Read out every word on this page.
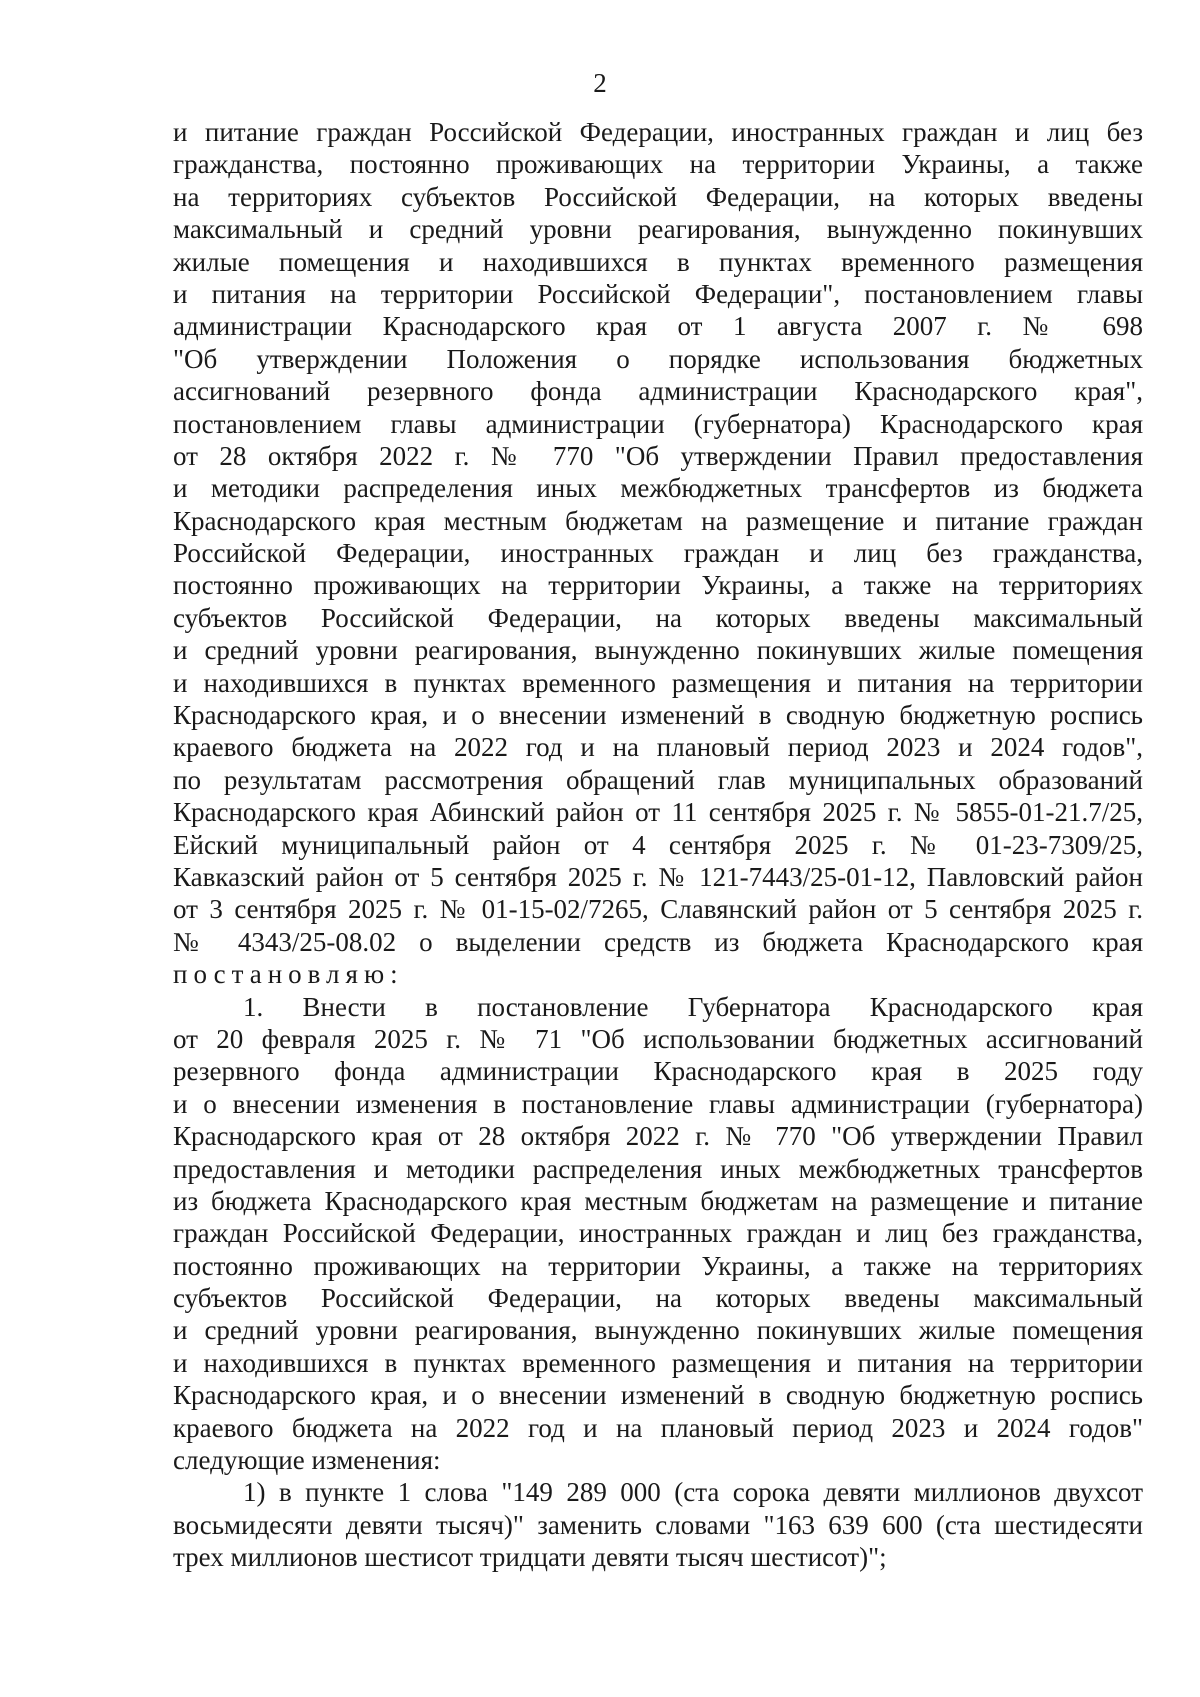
2
и питание граждан Российской Федерации, иностранных граждан и лиц без
гражданства, постоянно проживающих на территории Украины, а также
на территориях субъектов Российской Федерации, на которых введены
максимальный и средний уровни реагирования, вынужденно покинувших
жилые помещения и находившихся в пунктах временного размещения
и питания на территории Российской Федерации", постановлением главы
администрации Краснодарского края от 1 августа 2007 г. № 698
"Об утверждении Положения о порядке использования бюджетных
ассигнований резервного фонда администрации Краснодарского края",
постановлением главы администрации (губернатора) Краснодарского края
от 28 октября 2022 г. № 770 "Об утверждении Правил предоставления
и методики распределения иных межбюджетных трансфертов из бюджета
Краснодарского края местным бюджетам на размещение и питание граждан
Российской Федерации, иностранных граждан и лиц без гражданства,
постоянно проживающих на территории Украины, а также на территориях
субъектов Российской Федерации, на которых введены максимальный
и средний уровни реагирования, вынужденно покинувших жилые помещения
и находившихся в пунктах временного размещения и питания на территории
Краснодарского края, и о внесении изменений в сводную бюджетную роспись
краевого бюджета на 2022 год и на плановый период 2023 и 2024 годов",
по результатам рассмотрения обращений глав муниципальных образований
Краснодарского края Абинский район от 11 сентября 2025 г. № 5855-01-21.7/25,
Ейский муниципальный район от 4 сентября 2025 г. № 01-23-7309/25,
Кавказский район от 5 сентября 2025 г. № 121-7443/25-01-12, Павловский район
от 3 сентября 2025 г. № 01-15-02/7265, Славянский район от 5 сентября 2025 г.
№ 4343/25-08.02 о выделении средств из бюджета Краснодарского края
постановляю:
1. Внести в постановление Губернатора Краснодарского края
от 20 февраля 2025 г. № 71 "Об использовании бюджетных ассигнований
резервного фонда администрации Краснодарского края в 2025 году
и о внесении изменения в постановление главы администрации (губернатора)
Краснодарского края от 28 октября 2022 г. № 770 "Об утверждении Правил
предоставления и методики распределения иных межбюджетных трансфертов
из бюджета Краснодарского края местным бюджетам на размещение и питание
граждан Российской Федерации, иностранных граждан и лиц без гражданства,
постоянно проживающих на территории Украины, а также на территориях
субъектов Российской Федерации, на которых введены максимальный
и средний уровни реагирования, вынужденно покинувших жилые помещения
и находившихся в пунктах временного размещения и питания на территории
Краснодарского края, и о внесении изменений в сводную бюджетную роспись
краевого бюджета на 2022 год и на плановый период 2023 и 2024 годов"
следующие изменения:
1) в пункте 1 слова "149 289 000 (ста сорока девяти миллионов двухсот
восьмидесяти девяти тысяч)" заменить словами "163 639 600 (ста шестидесяти
трех миллионов шестисот тридцати девяти тысяч шестисот)";
